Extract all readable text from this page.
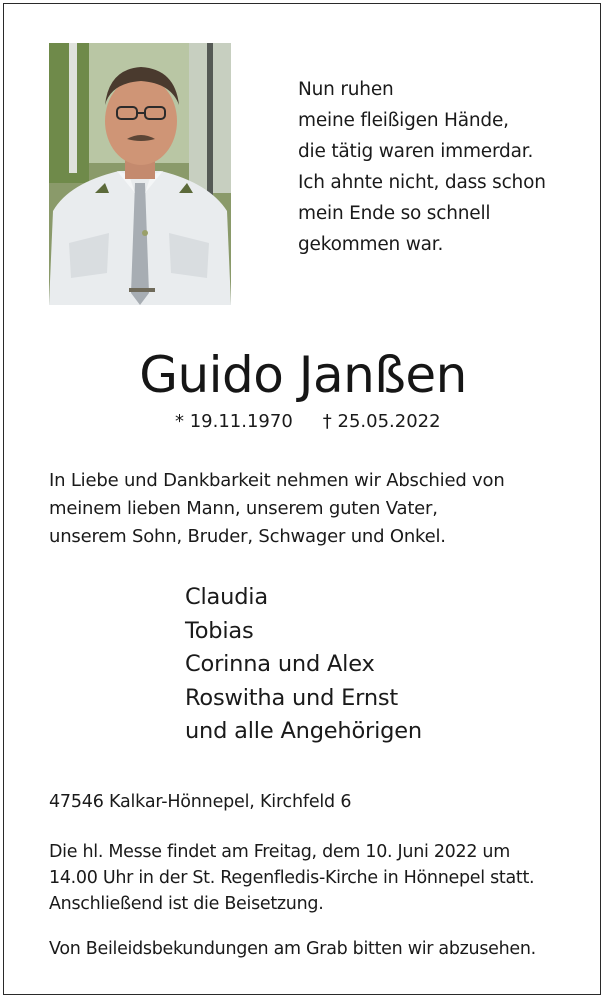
Nun ruhen
meine fleißigen Hände,
die tätig waren immerdar.
Ich ahnte nicht, dass schon
mein Ende so schnell
gekommen war.
Guido Janßen
* 19.11.1970 † 25.05.2022
In Liebe und Dankbarkeit nehmen wir Abschied von
meinem lieben Mann, unserem guten Vater,
unserem Sohn, Bruder, Schwager und Onkel.
Claudia
Tobias
Corinna und Alex
Roswitha und Ernst
und alle Angehörigen
47546 Kalkar-Hönnepel, Kirchfeld 6
Die hl. Messe findet am Freitag, dem 10. Juni 2022 um
14.00 Uhr in der St. Regenfledis-Kirche in Hönnepel statt.
Anschließend ist die Beisetzung.
Von Beileidsbekundungen am Grab bitten wir abzusehen.
